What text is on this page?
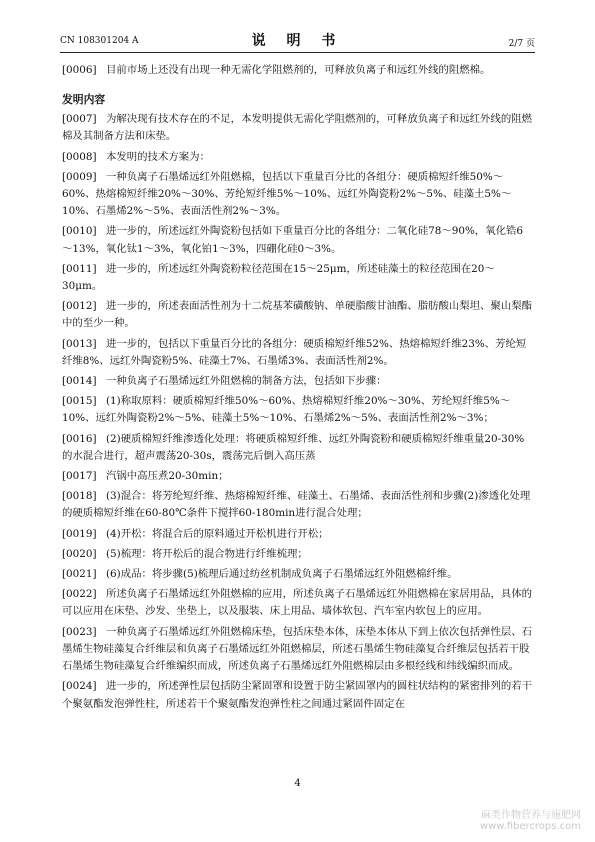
CN 108301204 A	说 明 书	2/7 页

[0006] 目前市场上还没有出现一种无需化学阻燃剂的，可释放负离子和远红外线的阻燃棉。

发明内容

[0007] 为解决现有技术存在的不足，本发明提供无需化学阻燃剂的，可释放负离子和远红外线的阻燃棉及其制备方法和床垫。

[0008] 本发明的技术方案为：

[0009] 一种负离子石墨烯远红外阻燃棉，包括以下重量百分比的各组分：硬质棉短纤维50%～60%、热熔棉短纤维20%～30%、芳纶短纤维5%～10%、远红外陶瓷粉2%～5%、硅藻土5%～10%、石墨烯2%～5%、表面活性剂2%～3%。

[0010] 进一步的，所述远红外陶瓷粉包括如下重量百分比的各组分：二氧化硅78～90%，氧化锆6～13%，氧化钛1～3%，氧化铂1～3%，四硼化硅0～3%。

[0011] 进一步的，所述远红外陶瓷粉粒径范围在15～25μm，所述硅藻土的粒径范围在20～30μm。

[0012] 进一步的，所述表面活性剂为十二烷基苯磺酸钠、单硬脂酸甘油酯、脂肪酸山梨坦、聚山梨酯中的至少一种。

[0013] 进一步的，包括以下重量百分比的各组分：硬质棉短纤维52%、热熔棉短纤维23%、芳纶短纤维8%、远红外陶瓷粉5%、硅藻土7%、石墨烯3%、表面活性剂2%。

[0014] 一种负离子石墨烯远红外阻燃棉的制备方法，包括如下步骤：

[0015] (1)称取原料：硬质棉短纤维50%～60%、热熔棉短纤维20%～30%、芳纶短纤维5%～10%、远红外陶瓷粉2%～5%、硅藻土5%～10%、石墨烯2%～5%、表面活性剂2%～3%；

[0016] (2)硬质棉短纤维渗透化处理：将硬质棉短纤维、远红外陶瓷粉和硬质棉短纤维重量20-30%的水混合进行，超声震荡20-30s，震荡完后倒入高压蒸

[0017] 汽锅中高压煮20-30min；

[0018] (3)混合：将芳纶短纤维、热熔棉短纤维、硅藻土、石墨烯、表面活性剂和步骤(2)渗透化处理的硬质棉短纤维在60-80℃条件下搅拌60-180min进行混合处理；

[0019] (4)开松：将混合后的原料通过开松机进行开松；

[0020] (5)梳理：将开松后的混合物进行纤维梳理；

[0021] (6)成品：将步骤(5)梳理后通过纺丝机制成负离子石墨烯远红外阻燃棉纤维。

[0022] 所述负离子石墨烯远红外阻燃棉的应用，所述负离子石墨烯远红外阻燃棉在家居用品，具体的可以应用在床垫、沙发、坐垫上，以及服装、床上用品、墙体软包、汽车室内软包上的应用。

[0023] 一种负离子石墨烯远红外阻燃棉床垫，包括床垫本体，床垫本体从下到上依次包括弹性层、石墨烯生物硅藻复合纤维层和负离子石墨烯远红外阻燃棉层，所述石墨烯生物硅藻复合纤维层包括若干股石墨烯生物硅藻复合纤维编织而成，所述负离子石墨烯远红外阻燃棉层由多根经线和纬线编织而成。

[0024] 进一步的，所述弹性层包括防尘紧固罩和设置于防尘紧固罩内的圆柱状结构的紧密排列的若干个聚氨酯发泡弹性柱，所述若干个聚氨酯发泡弹性柱之间通过紧固件固定在

4
麻类作物营养与施肥网
www.fibercrops.com
